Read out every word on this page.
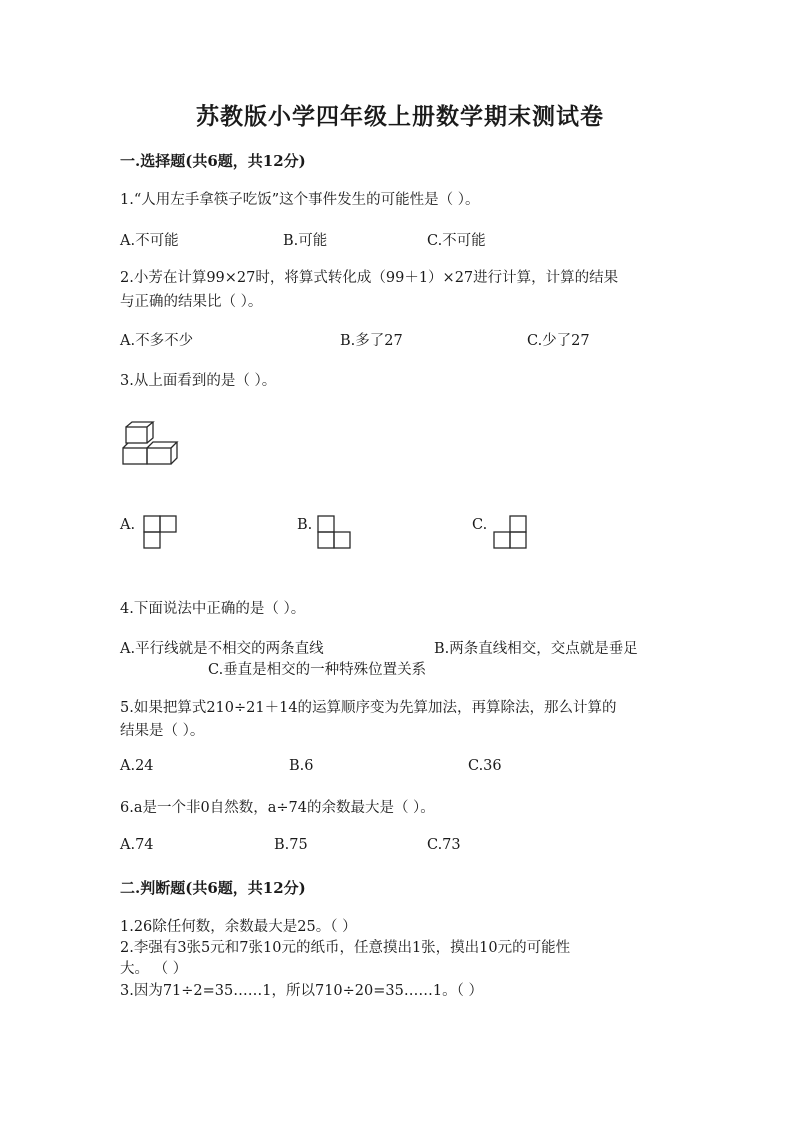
苏教版小学四年级上册数学期末测试卷
一.选择题(共6题，共12分)
1.“人用左手拿筷子吃饭”这个事件发生的可能性是（ ）。
A.不可能	B.可能	C.不可能
2.小芳在计算99×27时，将算式转化成（99＋1）×27进行计算，计算的结果
与正确的结果比（ ）。
A.不多不少	B.多了27	C.少了27
3.从上面看到的是（ ）。
A.	B.	C.
4.下面说法中正确的是（ ）。
A.平行线就是不相交的两条直线	B.两条直线相交，交点就是垂足
C.垂直是相交的一种特殊位置关系
5.如果把算式210÷21＋14的运算顺序变为先算加法，再算除法，那么计算的
结果是（ ）。
A.24	B.6	C.36
6.a是一个非0自然数，a÷74的余数最大是（ ）。
A.74	B.75	C.73
二.判断题(共6题，共12分)
1.26除任何数，余数最大是25。（ ）
2.李强有3张5元和7张10元的纸币，任意摸出1张，摸出10元的可能性
大。 （ ）
3.因为71÷2=35……1，所以710÷20=35……1。（ ）
